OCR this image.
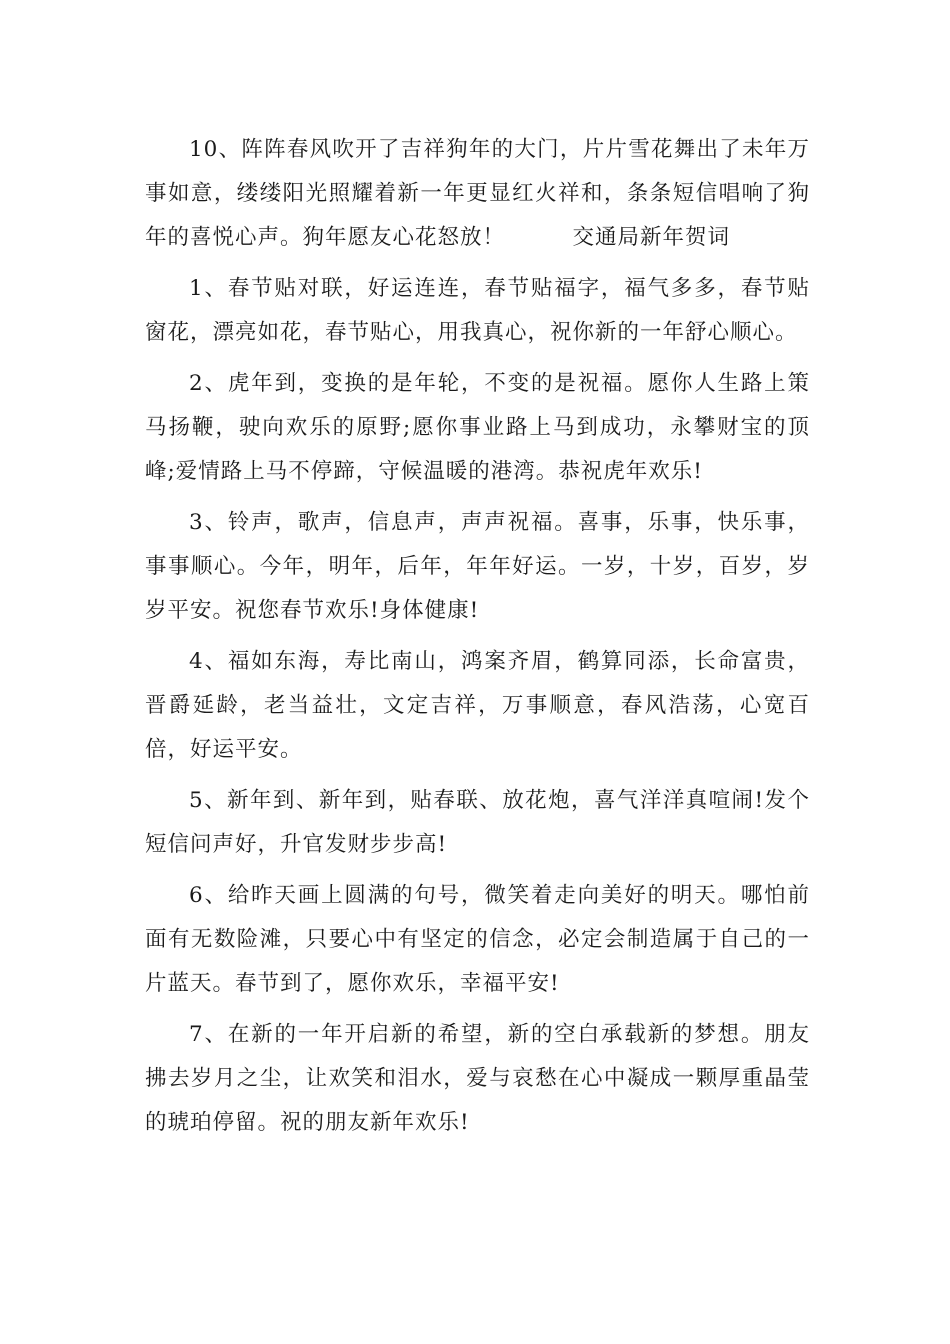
10、阵阵春风吹开了吉祥狗年的大门，片片雪花舞出了未年万事如意，缕缕阳光照耀着新一年更显红火祥和，条条短信唱响了狗年的喜悦心声。狗年愿友心花怒放！　　　交通局新年贺词

1、春节贴对联，好运连连，春节贴福字，福气多多，春节贴窗花，漂亮如花，春节贴心，用我真心，祝你新的一年舒心顺心。

2、虎年到，变换的是年轮，不变的是祝福。愿你人生路上策马扬鞭，驶向欢乐的原野;愿你事业路上马到成功，永攀财宝的顶峰;爱情路上马不停蹄，守候温暖的港湾。恭祝虎年欢乐!

3、铃声，歌声，信息声，声声祝福。喜事，乐事，快乐事，事事顺心。今年，明年，后年，年年好运。一岁，十岁，百岁，岁岁平安。祝您春节欢乐!身体健康!

4、福如东海，寿比南山，鸿案齐眉，鹤算同添，长命富贵，晋爵延龄，老当益壮，文定吉祥，万事顺意，春风浩荡，心宽百倍，好运平安。

5、新年到、新年到，贴春联、放花炮，喜气洋洋真喧闹!发个短信问声好，升官发财步步高!

6、给昨天画上圆满的句号，微笑着走向美好的明天。哪怕前面有无数险滩，只要心中有坚定的信念，必定会制造属于自己的一片蓝天。春节到了，愿你欢乐，幸福平安!

7、在新的一年开启新的希望，新的空白承载新的梦想。朋友拂去岁月之尘，让欢笑和泪水，爱与哀愁在心中凝成一颗厚重晶莹的琥珀停留。祝的朋友新年欢乐!
